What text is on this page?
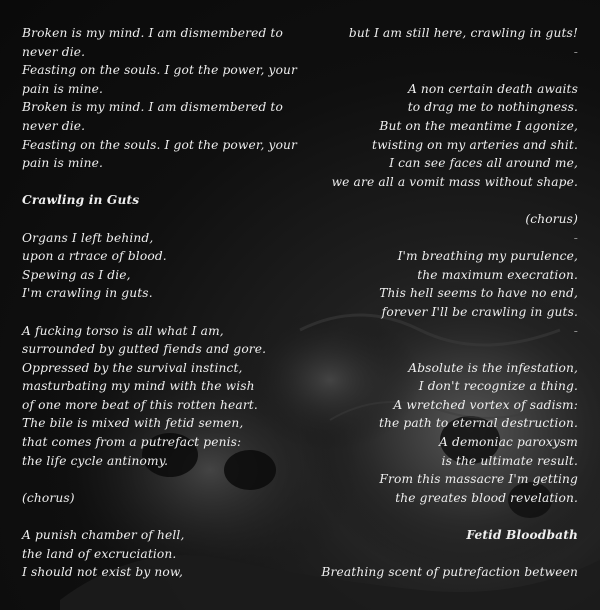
Broken is my mind. I am dismembered to
never die.
Feasting on the souls. I got the power, your
pain is mine.
Broken is my mind. I am dismembered to
never die.
Feasting on the souls. I got the power, your
pain is mine.

Crawling in Guts

Organs I left behind,
upon a rtrace of blood.
Spewing as I die,
I'm crawling in guts.

A fucking torso is all what I am,
surrounded by gutted fiends and gore.
Oppressed by the survival instinct,
masturbating my mind with the wish
of one more beat of this rotten heart.
The bile is mixed with fetid semen,
that comes from a putrefact penis:
the life cycle antinomy.

(chorus)

A punish chamber of hell,
the land of excruciation.
I should not exist by now,
but I am still here, crawling in guts!
-

A non certain death awaits
to drag me to nothingness.
But on the meantime I agonize,
twisting on my arteries and shit.
I can see faces all around me,
we are all a vomit mass without shape.

(chorus)
-
I'm breathing my purulence,
the maximum execration.
This hell seems to have no end,
forever I'll be crawling in guts.
-

Absolute is the infestation,
I don't recognize a thing.
A wretched vortex of sadism:
the path to eternal destruction.
A demoniac paroxysm
is the ultimate result.
From this massacre I'm getting
the greates blood revelation.

Fetid Bloodbath

Breathing scent of putrefaction between
